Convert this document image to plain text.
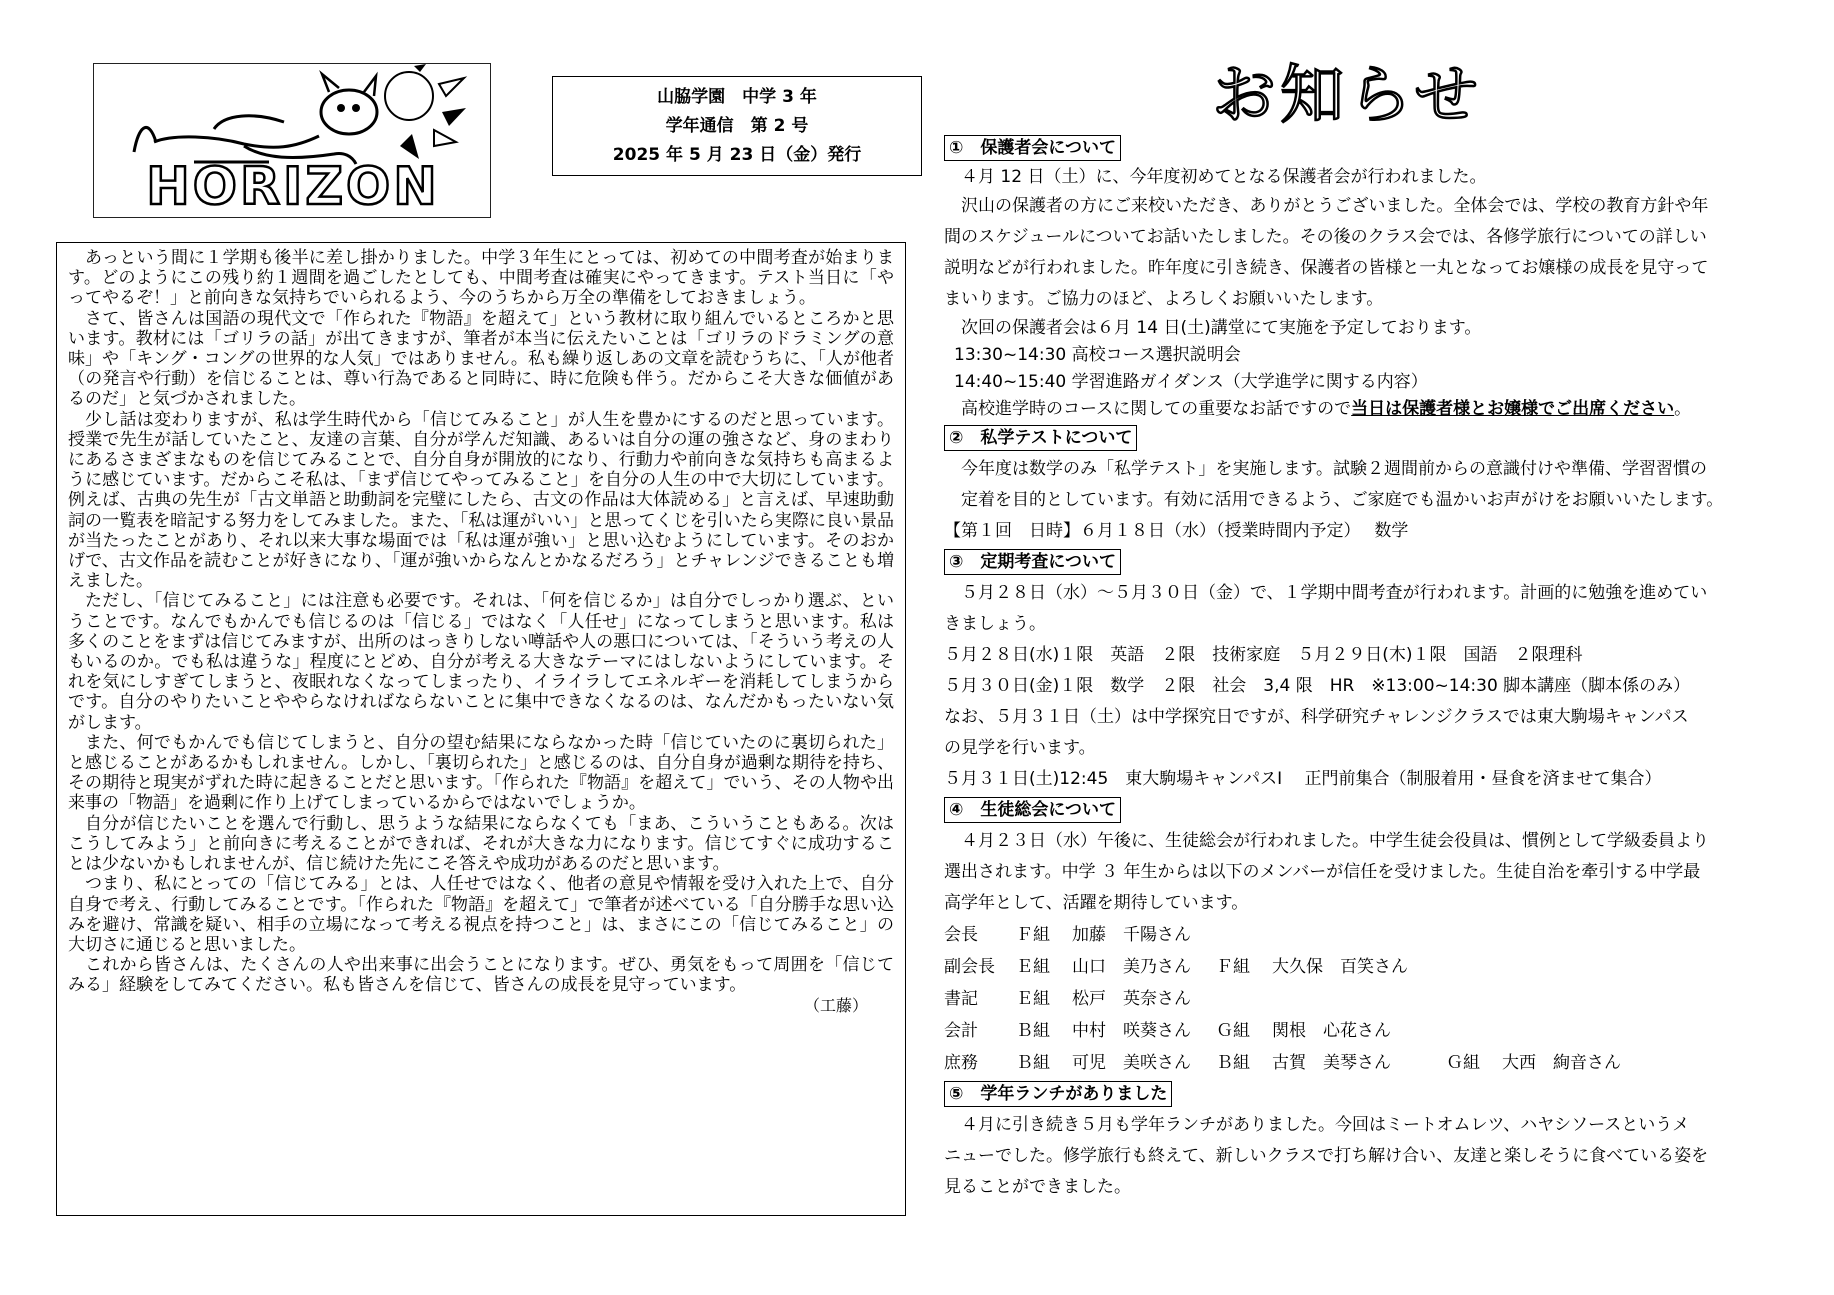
HORIZON
山脇学園　中学 3 年
学年通信　第 2 号
2025 年 5 月 23 日（金）発行

あっという間に１学期も後半に差し掛かりました。中学３年生にとっては、初めての中間考査が始まります。どのようにこの残り約１週間を過ごしたとしても、中間考査は確実にやってきます。テスト当日に「やってやるぞ！」と前向きな気持ちでいられるよう、今のうちから万全の準備をしておきましょう。

さて、皆さんは国語の現代文で「作られた『物語』を超えて」という教材に取り組んでいるところかと思います。教材には「ゴリラの話」が出てきますが、筆者が本当に伝えたいことは「ゴリラのドラミングの意味」や「キング・コングの世界的な人気」ではありません。私も繰り返しあの文章を読むうちに、「人が他者（の発言や行動）を信じることは、尊い行為であると同時に、時に危険も伴う。だからこそ大きな価値があるのだ」と気づかされました。

少し話は変わりますが、私は学生時代から「信じてみること」が人生を豊かにするのだと思っています。授業で先生が話していたこと、友達の言葉、自分が学んだ知識、あるいは自分の運の強さなど、身のまわりにあるさまざまなものを信じてみることで、自分自身が開放的になり、行動力や前向きな気持ちも高まるように感じています。だからこそ私は、「まず信じてやってみること」を自分の人生の中で大切にしています。例えば、古典の先生が「古文単語と助動詞を完璧にしたら、古文の作品は大体読める」と言えば、早速助動詞の一覧表を暗記する努力をしてみました。また、「私は運がいい」と思ってくじを引いたら実際に良い景品が当たったことがあり、それ以来大事な場面では「私は運が強い」と思い込むようにしています。そのおかげで、古文作品を読むことが好きになり、「運が強いからなんとかなるだろう」とチャレンジできることも増えました。

ただし、「信じてみること」には注意も必要です。それは、「何を信じるか」は自分でしっかり選ぶ、ということです。なんでもかんでも信じるのは「信じる」ではなく「人任せ」になってしまうと思います。私は多くのことをまずは信じてみますが、出所のはっきりしない噂話や人の悪口については、「そういう考えの人もいるのか。でも私は違うな」程度にとどめ、自分が考える大きなテーマにはしないようにしています。それを気にしすぎてしまうと、夜眠れなくなってしまったり、イライラしてエネルギーを消耗してしまうからです。自分のやりたいことややらなければならないことに集中できなくなるのは、なんだかもったいない気がします。

また、何でもかんでも信じてしまうと、自分の望む結果にならなかった時「信じていたのに裏切られた」と感じることがあるかもしれません。しかし、「裏切られた」と感じるのは、自分自身が過剰な期待を持ち、その期待と現実がずれた時に起きることだと思います。「作られた『物語』を超えて」でいう、その人物や出来事の「物語」を過剰に作り上げてしまっているからではないでしょうか。

自分が信じたいことを選んで行動し、思うような結果にならなくても「まあ、こういうこともある。次はこうしてみよう」と前向きに考えることができれば、それが大きな力になります。信じてすぐに成功することは少ないかもしれませんが、信じ続けた先にこそ答えや成功があるのだと思います。

つまり、私にとっての「信じてみる」とは、人任せではなく、他者の意見や情報を受け入れた上で、自分自身で考え、行動してみることです。「作られた『物語』を超えて」で筆者が述べている「自分勝手な思い込みを避け、常識を疑い、相手の立場になって考える視点を持つこと」は、まさにこの「信じてみること」の大切さに通じると思いました。

これから皆さんは、たくさんの人や出来事に出会うことになります。ぜひ、勇気をもって周囲を「信じてみる」経験をしてみてください。私も皆さんを信じて、皆さんの成長を見守っています。

（工藤）
お知らせ
①　保護者会について
４月 12 日（土）に、今年度初めてとなる保護者会が行われました。
沢山の保護者の方にご来校いただき、ありがとうございました。全体会では、学校の教育方針や年
間のスケジュールについてお話いたしました。その後のクラス会では、各修学旅行についての詳しい
説明などが行われました。昨年度に引き続き、保護者の皆様と一丸となってお嬢様の成長を見守って
まいります。ご協力のほど、よろしくお願いいたします。
次回の保護者会は６月 14 日(土)講堂にて実施を予定しております。
13:30~14:30 高校コース選択説明会
14:40~15:40 学習進路ガイダンス（大学進学に関する内容）
高校進学時のコースに関しての重要なお話ですので当日は保護者様とお嬢様でご出席ください。
②　私学テストについて
今年度は数学のみ「私学テスト」を実施します。試験２週間前からの意識付けや準備、学習習慣の
定着を目的としています。有効に活用できるよう、ご家庭でも温かいお声がけをお願いいたします。
【第１回　日時】６月１８日（水）（授業時間内予定）　 数学
③　定期考査について
５月２８日（水）～５月３０日（金）で、１学期中間考査が行われます。計画的に勉強を進めてい
きましょう。
５月２８日(水)１限　英語　２限　技術家庭　５月２９日(木)１限　国語　２限理科
５月３０日(金)１限　数学　２限　社会　3,4 限　HR　※13:00~14:30 脚本講座（脚本係のみ）
なお、５月３１日（土）は中学探究日ですが、科学研究チャレンジクラスでは東大駒場キャンパス
の見学を行います。
５月３１日(土)12:45　東大駒場キャンパスⅠ　 正門前集合（制服着用・昼食を済ませて集合）
④　生徒総会について
４月２３日（水）午後に、生徒総会が行われました。中学生徒会役員は、慣例として学級委員より
選出されます。中学 ３ 年生からは以下のメンバーが信任を受けました。生徒自治を牽引する中学最
高学年として、活躍を期待しています。
会長	Ｆ組	加藤　千陽さん
副会長	Ｅ組	山口　美乃さん	Ｆ組	大久保　百笑さん
書記	Ｅ組	松戸　英奈さん
会計	Ｂ組	中村　咲葵さん	Ｇ組	関根　心花さん
庶務	Ｂ組	可児　美咲さん	Ｂ組	古賀　美琴さん	Ｇ組	大西　絢音さん
⑤　学年ランチがありました
４月に引き続き５月も学年ランチがありました。今回はミートオムレツ、ハヤシソースというメ
ニューでした。修学旅行も終えて、新しいクラスで打ち解け合い、友達と楽しそうに食べている姿を
見ることができました。
